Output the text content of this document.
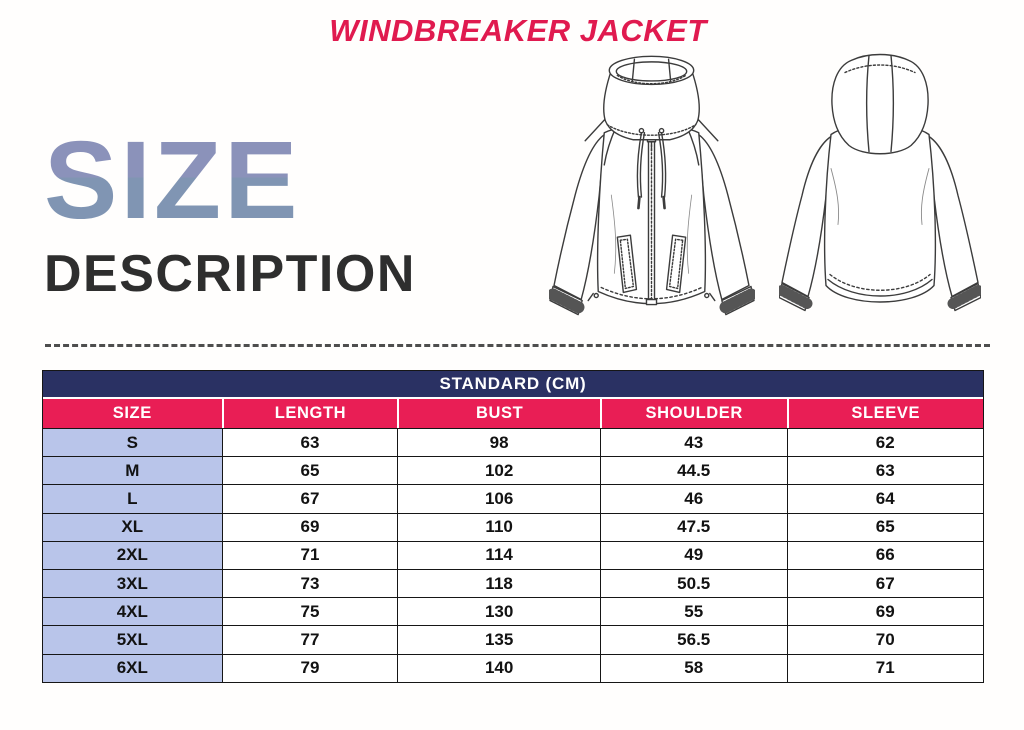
WINDBREAKER JACKET
SIZE
DESCRIPTION
STANDARD (CM)
SIZE	LENGTH	BUST	SHOULDER	SLEEVE
S	63	98	43	62
M	65	102	44.5	63
L	67	106	46	64
XL	69	110	47.5	65
2XL	71	114	49	66
3XL	73	118	50.5	67
4XL	75	130	55	69
5XL	77	135	56.5	70
6XL	79	140	58	71
